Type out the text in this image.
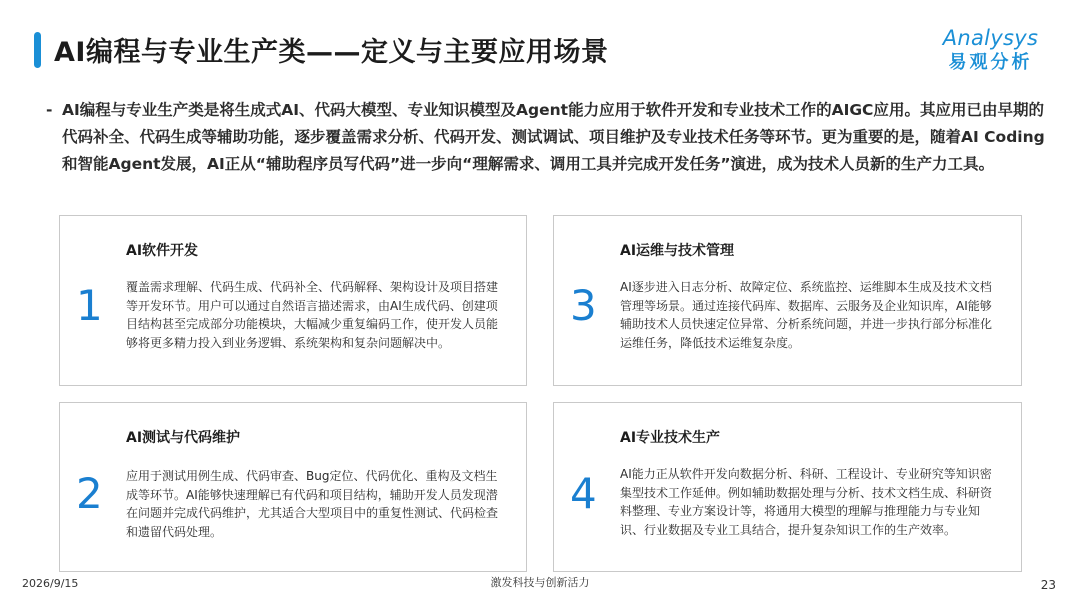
AI编程与专业生产类——定义与主要应用场景	Analysys
易观分析
- AI编程与专业生产类是将生成式AI、代码大模型、专业知识模型及Agent能力应用于软件开发和专业技术工作的AIGC应用。其应用已由早期的代码补全、代码生成等辅助功能，逐步覆盖需求分析、代码开发、测试调试、项目维护及专业技术任务等环节。更为重要的是，随着AI Coding和智能Agent发展，AI正从“辅助程序员写代码”进一步向“理解需求、调用工具并完成开发任务”演进，成为技术人员新的生产力工具。
1
AI软件开发
覆盖需求理解、代码生成、代码补全、代码解释、架构设计及项目搭建等开发环节。用户可以通过自然语言描述需求，由AI生成代码、创建项目结构甚至完成部分功能模块，大幅减少重复编码工作，使开发人员能够将更多精力投入到业务逻辑、系统架构和复杂问题解决中。
3
AI运维与技术管理
AI逐步进入日志分析、故障定位、系统监控、运维脚本生成及技术文档管理等场景。通过连接代码库、数据库、云服务及企业知识库，AI能够辅助技术人员快速定位异常、分析系统问题，并进一步执行部分标准化运维任务，降低技术运维复杂度。
2
AI测试与代码维护
应用于测试用例生成、代码审查、Bug定位、代码优化、重构及文档生成等环节。AI能够快速理解已有代码和项目结构，辅助开发人员发现潜在问题并完成代码维护，尤其适合大型项目中的重复性测试、代码检查和遗留代码处理。
4
AI专业技术生产
AI能力正从软件开发向数据分析、科研、工程设计、专业研究等知识密集型技术工作延伸。例如辅助数据处理与分析、技术文档生成、科研资料整理、专业方案设计等，将通用大模型的理解与推理能力与专业知识、行业数据及专业工具结合，提升复杂知识工作的生产效率。
2026/9/15	激发科技与创新活力	23
